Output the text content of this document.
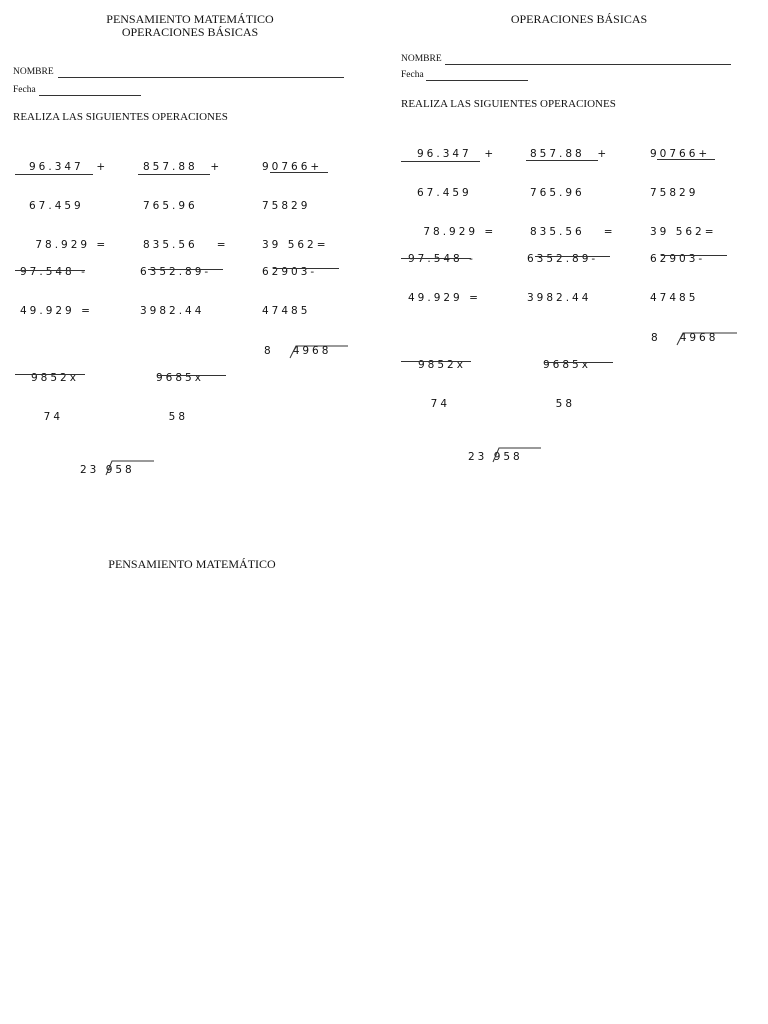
PENSAMIENTO MATEMÁTICO
OPERACIONES BÁSICAS
NOMBRE
Fecha
REALIZA LAS SIGUIENTES OPERACIONES

96.347  +

67.459

78.929 =

857.88  +

765.96

835.56   =

90766+

75829

39 562=

97.548 -

49.929 =

6352.89-

3982.44

62903-

47485

9852x

74

9685x

58

8   4968
23 958
PENSAMIENTO MATEMÁTICO
OPERACIONES BÁSICAS
NOMBRE
Fecha
REALIZA LAS SIGUIENTES OPERACIONES

96.347  +

67.459

78.929 =

857.88  +

765.96

835.56   =

90766+

75829

39 562=

97.548 -

49.929 =

6352.89-

3982.44

62903-

47485

9852x

74

9685x

58

8   4968
23 958
